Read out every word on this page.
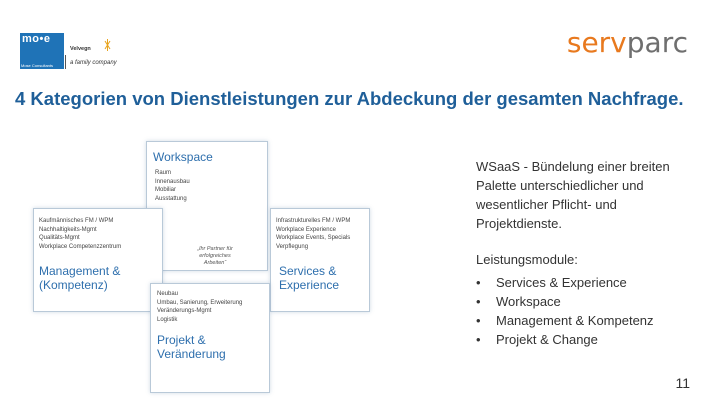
mo•e
Mose Consultants
Velvegn
a family company
servparc
4 Kategorien von Dienstleistungen zur Abdeckung der gesamten Nachfrage.
Workspace
Raum
Innenausbau
Mobiliar
Ausstattung
Kaufmännisches FM / WPM
Nachhaltigkeits-Mgmt
Qualitäts-Mgmt
Workplace Competenzzentrum
Management &
(Kompetenz)
Infrastrukturelles FM / WPM
Workplace Experience
Workplace Events, Specials
Verpflegung
Services &
Experience
Neubau
Umbau, Sanierung, Erweiterung
Veränderungs-Mgmt
Logistik
Projekt &
Veränderung
„Ihr Partner für
erfolgreiches
Arbeiten“
WSaaS - Bündelung einer breiten Palette unterschiedlicher und wesentlicher Pflicht- und Projektdienste.
Leistungsmodule:
• Services & Experience
• Workspace
• Management & Kompetenz
• Projekt & Change
11
